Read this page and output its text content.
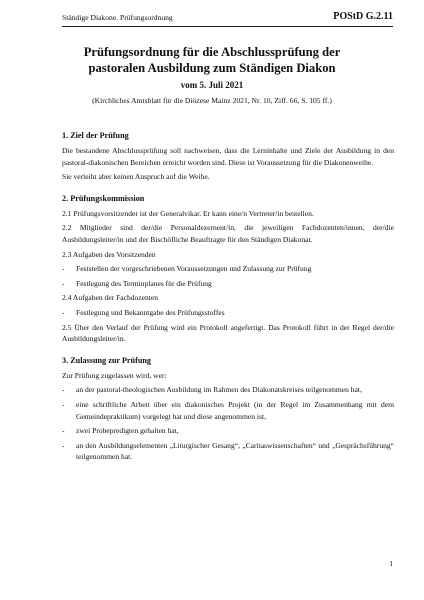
Ständige Diakone. Prüfungsordnung	POStD G.2.11
Prüfungsordnung für die Abschlussprüfung der
pastoralen Ausbildung zum Ständigen Diakon
vom 5. Juli 2021
(Kirchliches Amtsblatt für die Diözese Mainz 2021, Nr. 10, Ziff. 66, S. 105 ff.)
1. Ziel der Prüfung

Die bestandene Abschlussprüfung soll nachweisen, dass die Lerninhalte und Ziele der Ausbildung in den pastoral-diakonischen Bereichen erreicht worden sind. Diese ist Voraussetzung für die Diakonenweihe.

Sie verleiht aber keinen Anspruch auf die Weihe.

2. Prüfungskommission

2.1 Prüfungsvorsitzender ist der Generalvikar. Er kann eine/n Vertreter/in bestellen.

2.2 Mitglieder sind der/die Personaldezernent/in, die jeweiligen Fachdozenten/innen, der/die Ausbildungsleiter/in und der Bischöfliche Beauftragte für den Ständigen Diakonat.

2.3 Aufgaben des Vorsitzenden

-	Feststellen der vorgeschriebenen Voraussetzungen und Zulassung zur Prüfung
-	Festlegung des Terminplanes für die Prüfung

2.4 Aufgaben der Fachdozenten

-	Festlegung und Bekanntgabe des Prüfungsstoffes

2.5 Über den Verlauf der Prüfung wird ein Protokoll angefertigt. Das Protokoll führt in der Regel der/die Ausbildungsleiter/in.

3. Zulassung zur Prüfung

Zur Prüfung zugelassen wird, wer:

-	an der pastoral-theologischen Ausbildung im Rahmen des Diakonatskreises teilgenommen hat,
-	eine schriftliche Arbeit über ein diakonisches Projekt (in der Regel im Zusammenhang mit dem Gemeindepraktikum) vorgelegt hat und diese angenommen ist,
-	zwei Probepredigten gehalten hat,
-	an den Ausbildungselementen „Liturgischer Gesang“, „Caritaswissenschaften“ und „Gesprächsführung“ teilgenommen hat.
1
